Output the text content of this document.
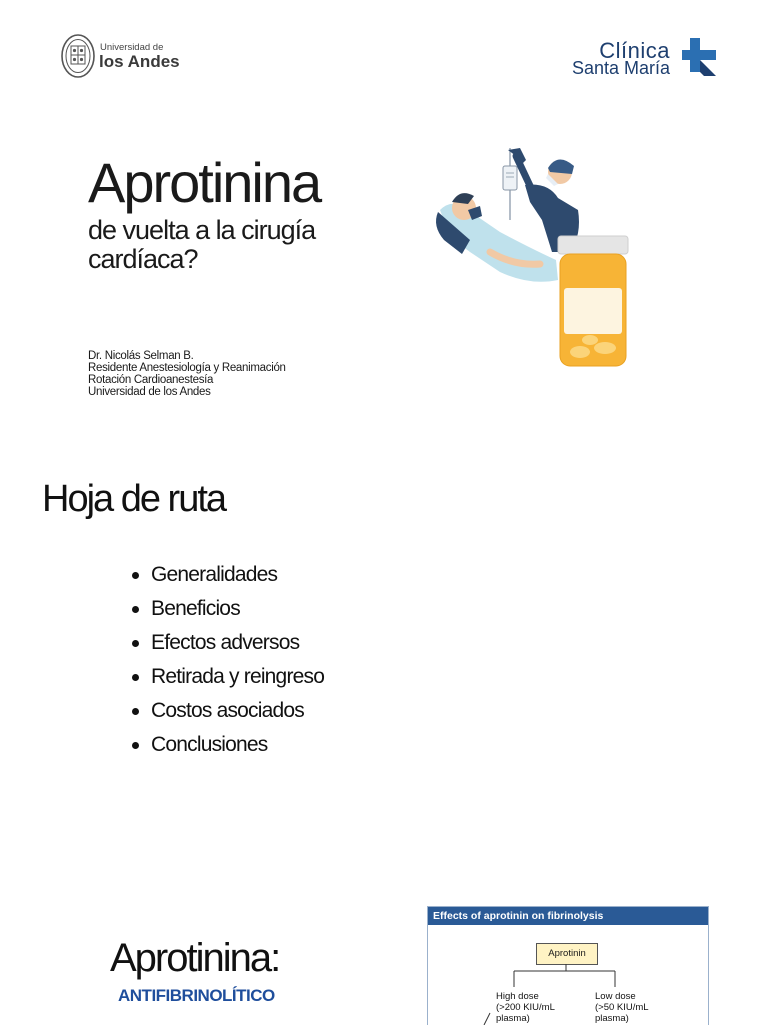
Universidad de
los Andes	Clínica
Santa María
Aprotinina
de vuelta a la cirugía cardíaca?
Dr. Nicolás Selman B.
Residente Anestesiología y Reanimación
Rotación Cardioanestesía
Universidad de los Andes
Hoja de ruta
Generalidades
Beneficios
Efectos adversos
Retirada y reingreso
Costos asociados
Conclusiones
Aprotinina:
ANTIFIBRINOLÍTICO
Effects of aprotinin on fibrinolysis
Aprotinin
High dose
(>200 KIU/mL
plasma)
Low dose
(>50 KIU/mL
plasma)
